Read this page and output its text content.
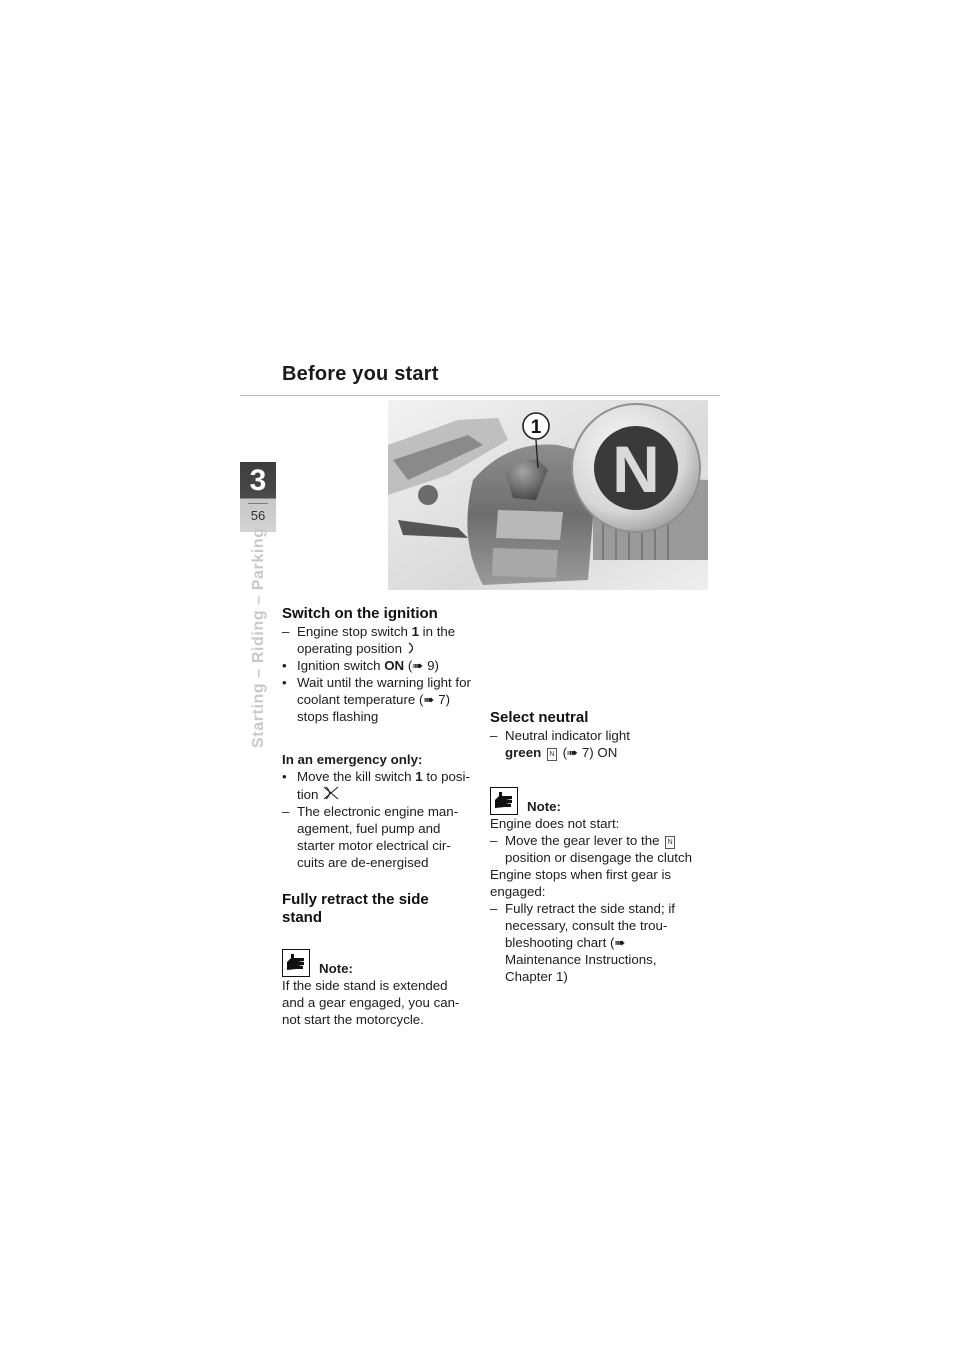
Before you start
3
56
Starting – Riding – Parking
N
1
Switch on the ignition
– Engine stop switch 1 in the operating position
• Ignition switch ON (➠ 9)
• Wait until the warning light for coolant temperature (➠ 7) stops flashing
In an emergency only:
• Move the kill switch 1 to posi-tion
– The electronic engine man-agement, fuel pump and starter motor electrical cir-cuits are de-energised
Fully retract the side stand
Note:

If the side stand is extended and a gear engaged, you can-not start the motorcycle.

Select neutral
– Neutral indicator light
green N (➠ 7) ON
Note:

Engine does not start:

– Move the gear lever to the N position or disengage the clutch

Engine stops when first gear is engaged:

– Fully retract the side stand; if necessary, consult the trou-bleshooting chart (➠ Maintenance Instructions, Chapter 1)
